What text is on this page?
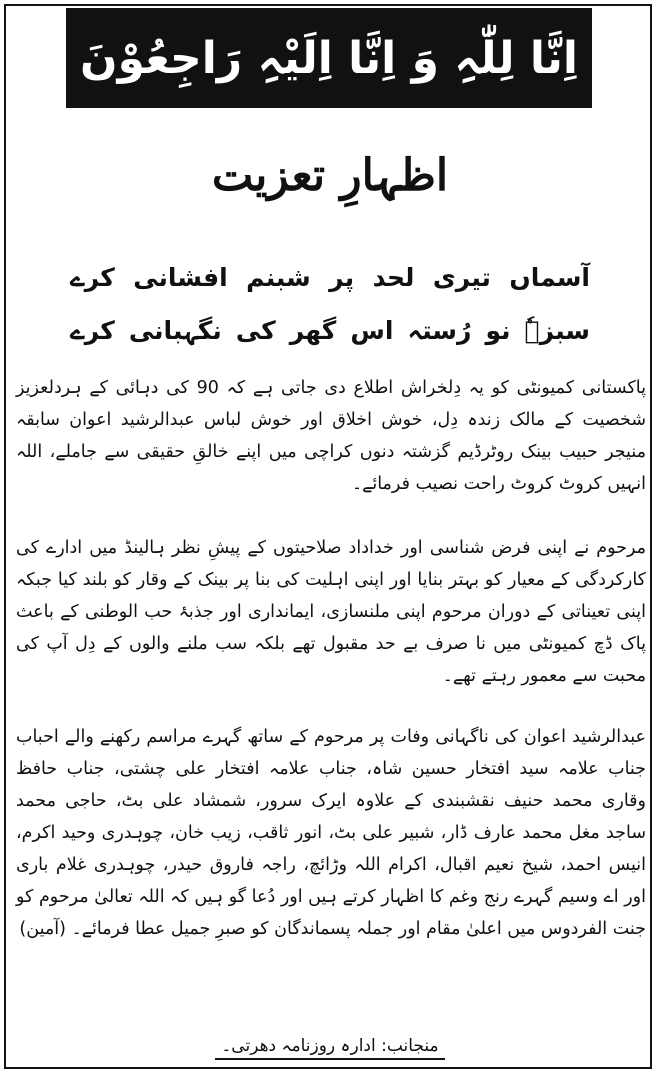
اِنَّا لِلّٰہِ وَ اِنَّا اِلَیْہِ رَاجِعُوْنَ
اظہارِ تعزیت
آسماں
تیری
لحد
پر
شبنم
افشانی
کرے
سبزہٗ
نو
رُستہ
اس
گھر
کی
نگہبانی
کرے

پاکستانی کمیونٹی کو یہ دِلخراش اطلاع دی جاتی ہے کہ 90 کی دہائی کے ہردلعزیز شخصیت کے مالک زندہ دِل، خوش اخلاق اور خوش لباس عبدالرشید اعوان سابقہ منیجر حبیب بینک روٹرڈیم گزشتہ دنوں کراچی میں اپنے خالقِ حقیقی سے جاملے، اللہ انہیں کروٹ کروٹ راحت نصیب فرمائے۔

مرحوم نے اپنی فرض شناسی اور خداداد صلاحیتوں کے پیشِ نظر ہالینڈ میں ادارے کی کارکردگی کے معیار کو بہتر بنایا اور اپنی اہلیت کی بنا پر بینک کے وقار کو بلند کیا جبکہ اپنی تعیناتی کے دوران مرحوم اپنی ملنسازی، ایمانداری اور جذبۂ حب الوطنی کے باعث پاک ڈچ کمیونٹی میں نا صرف بے حد مقبول تھے بلکہ سب ملنے والوں کے دِل آپ کی محبت سے معمور رہتے تھے۔

عبدالرشید اعوان کی ناگہانی وفات پر مرحوم کے ساتھ گہرے مراسم رکھنے والے احباب جناب علامہ سید افتخار حسین شاہ، جناب علامہ افتخار علی چشتی، جناب حافظ وقاری محمد حنیف نقشبندی کے علاوہ ایرک سرور، شمشاد علی بٹ، حاجی محمد ساجد مغل محمد عارف ڈار، شبیر علی بٹ، انور ثاقب، زیب خان، چوہدری وحید اکرم، انیس احمد، شیخ نعیم اقبال، اکرام اللہ وڑائچ، راجہ فاروق حیدر، چوہدری غلام باری اور اے وسیم گہرے رنج وغم کا اظہار کرتے ہیں اور دُعا گو ہیں کہ اللہ تعالیٰ مرحوم کو جنت الفردوس میں اعلیٰ مقام اور جملہ پسماندگان کو صبرِ جمیل عطا فرمائے۔ (آمین)

منجانب: ادارہ روزنامہ دھرتی۔
